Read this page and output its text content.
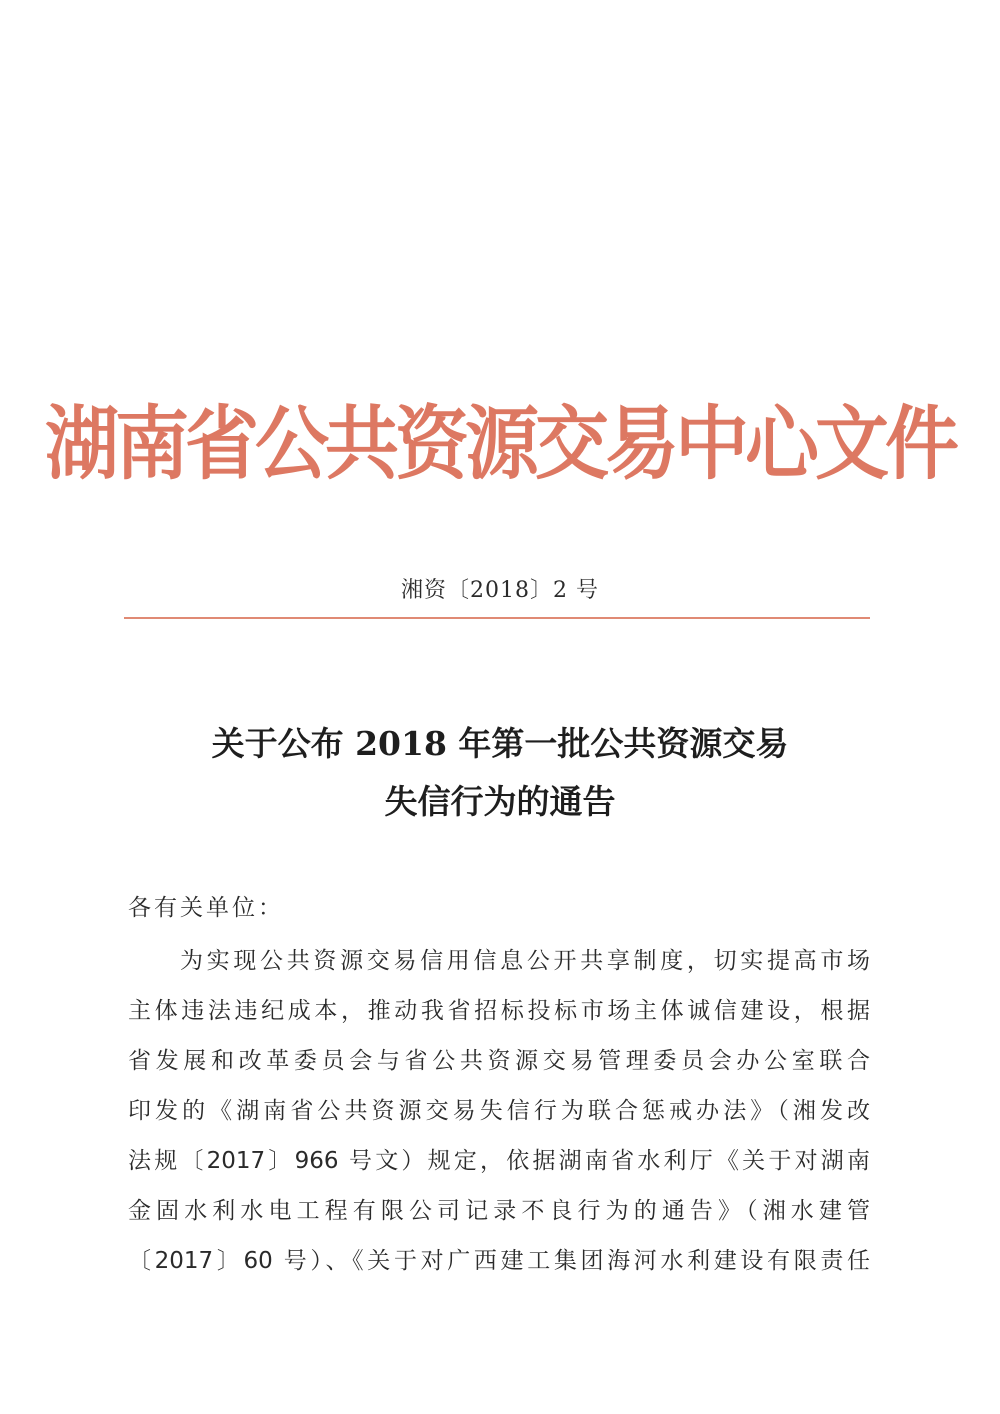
湖南省公共资源交易中心文件
湘资〔2018〕2 号
关于公布 2018 年第一批公共资源交易
失信行为的通告
各有关单位：
为实现公共资源交易信用信息公开共享制度，切实提高市场
主体违法违纪成本，推动我省招标投标市场主体诚信建设，根据
省发展和改革委员会与省公共资源交易管理委员会办公室联合
印发的《湖南省公共资源交易失信行为联合惩戒办法》（湘发改
法规〔2017〕966 号文）规定，依据湖南省水利厅《关于对湖南
金固水利水电工程有限公司记录不良行为的通告》（湘水建管
〔2017〕60 号）、《关于对广西建工集团海河水利建设有限责任
